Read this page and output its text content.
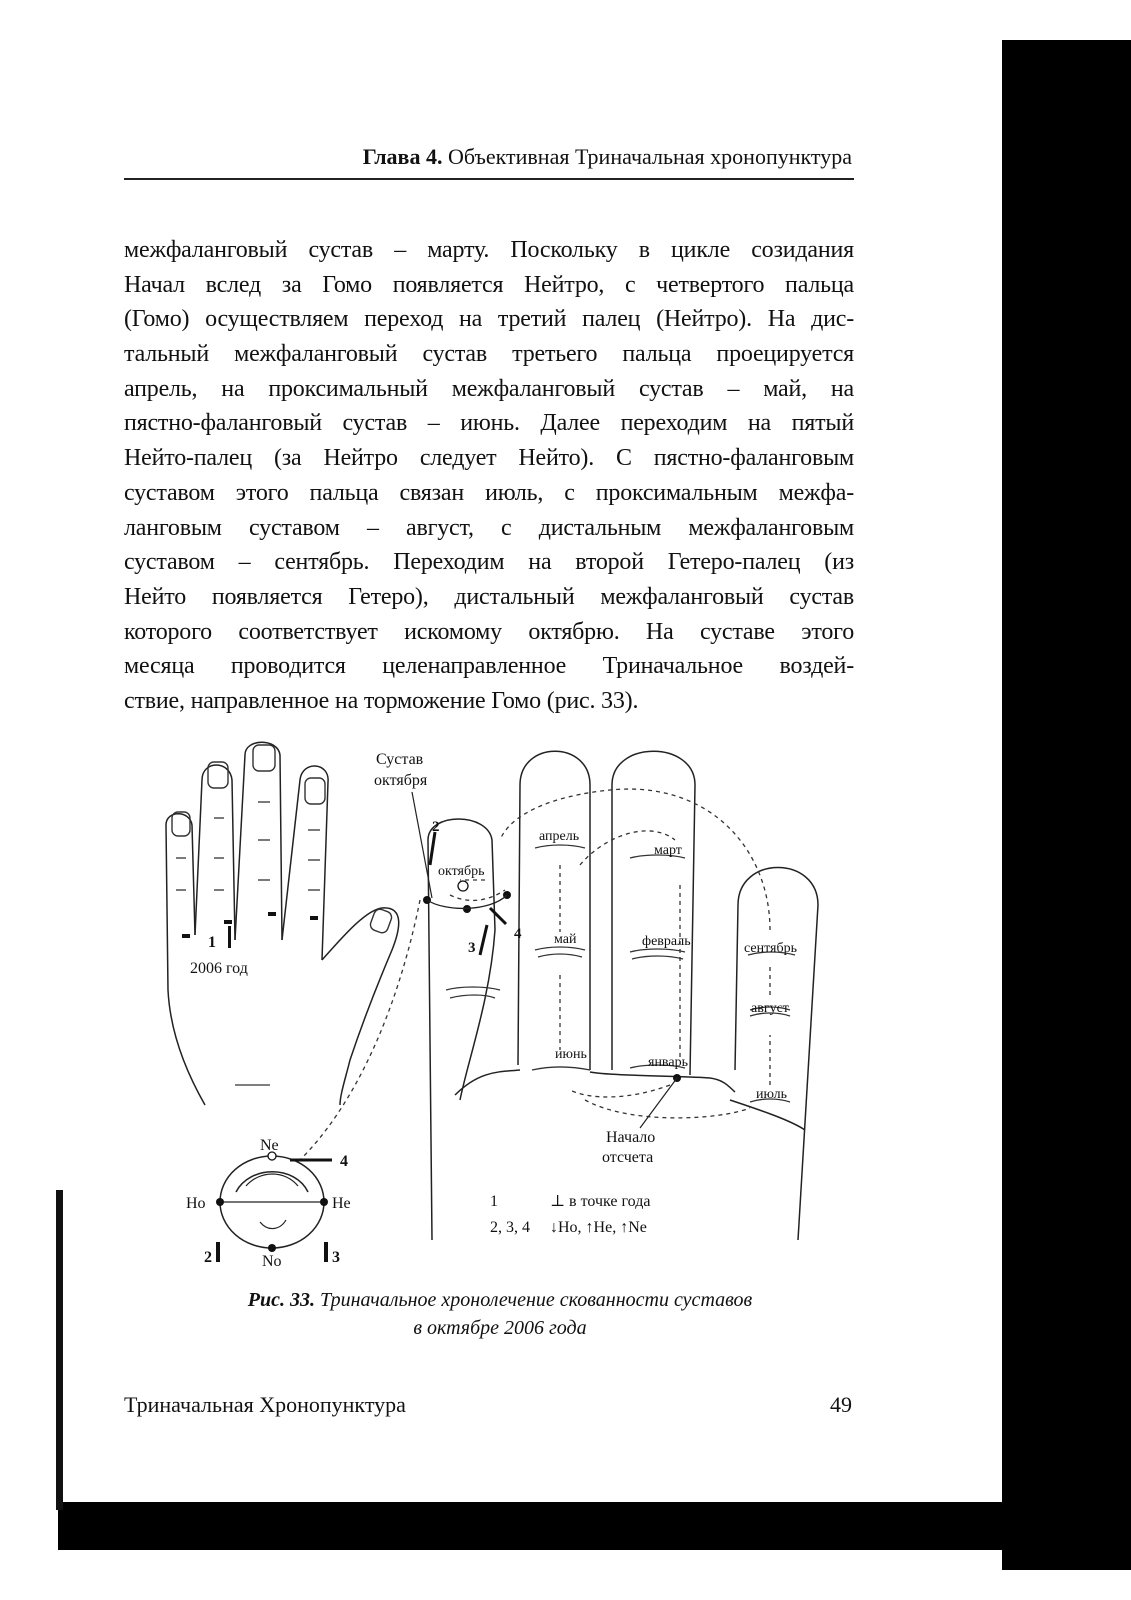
Глава 4. Объективная Триначальная хронопунктура
межфаланговый сустав – марту. Поскольку в цикле созидания
Начал вслед за Гомо появляется Нейтро, с четвертого пальца
(Гомо) осуществляем переход на третий палец (Нейтро). На дис-
тальный межфаланговый сустав третьего пальца проецируется
апрель, на проксимальный межфаланговый сустав – май, на
пястно-фаланговый сустав – июнь. Далее переходим на пятый
Нейто-палец (за Нейтро следует Нейто). С пястно-фаланговым
суставом этого пальца связан июль, с проксимальным межфа-
ланговым суставом – август, с дистальным межфаланговым
суставом – сентябрь. Переходим на второй Гетеро-палец (из
Нейто появляется Гетеро), дистальный межфаланговый сустав
которого соответствует искомому октябрю. На суставе этого
месяца проводится целенаправленное Триначальное воздей-
ствие, направленное на торможение Гомо (рис. 33).
1
2006 год
Сустав
октября
2
3
4
октябрь
апрель
март
май	февраль	сентябрь
август
июнь
январь
июль
Начало
отсчета
Ne
Ho	He
No
2	3
4
1	⊥ в точке года
2, 3, 4 ↓Ho, ↑He, ↑Ne
Рис. 33. Триначальное хронолечение скованности суставов
в октябре 2006 года
Триначальная Хронопунктура	49
